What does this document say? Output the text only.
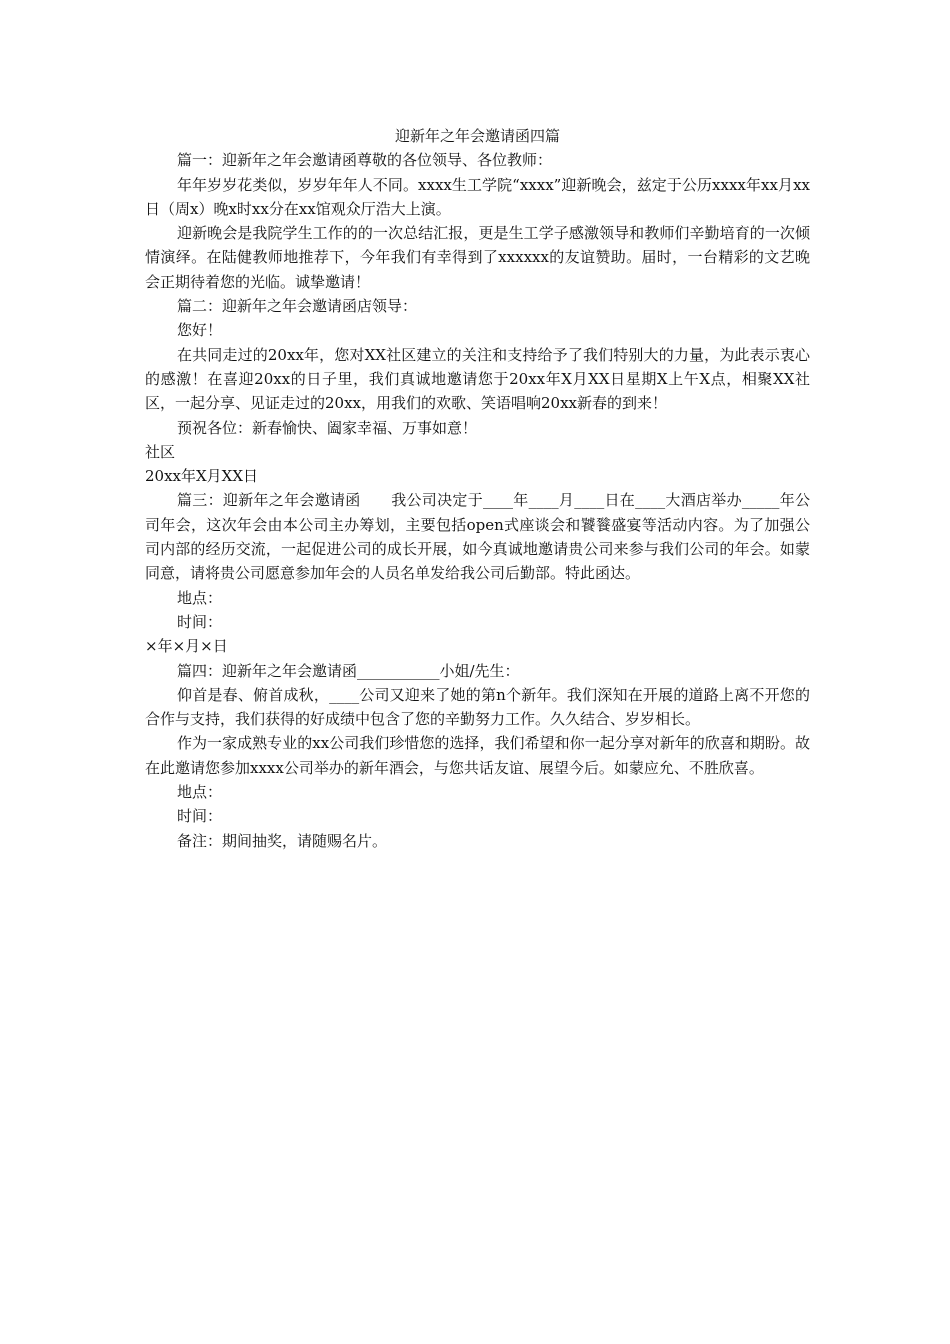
迎新年之年会邀请函四篇

篇一：迎新年之年会邀请函尊敬的各位领导、各位教师：

年年岁岁花类似，岁岁年年人不同。xxxx生工学院“xxxx”迎新晚会，兹定于公历xxxx年xx月xx日（周x）晚x时xx分在xx馆观众厅浩大上演。

迎新晚会是我院学生工作的的一次总结汇报，更是生工学子感激领导和教师们辛勤培育的一次倾情演绎。在陆健教师地推荐下，今年我们有幸得到了xxxxxx的友谊赞助。届时，一台精彩的文艺晚会正期待着您的光临。诚挚邀请！

篇二：迎新年之年会邀请函店领导：

您好！

在共同走过的20xx年，您对XX社区建立的关注和支持给予了我们特别大的力量，为此表示衷心的感激！在喜迎20xx的日子里，我们真诚地邀请您于20xx年X月XX日星期X上午X点，相聚XX社区，一起分享、见证走过的20xx，用我们的欢歌、笑语唱响20xx新春的到来！

预祝各位：新春愉快、阖家幸福、万事如意！

社区

20xx年X月XX日

篇三：迎新年之年会邀请函　　我公司决定于____年____月____日在____大酒店举办_____年公司年会，这次年会由本公司主办筹划，主要包括open式座谈会和饕餮盛宴等活动内容。为了加强公司内部的经历交流，一起促进公司的成长开展，如今真诚地邀请贵公司来参与我们公司的年会。如蒙同意，请将贵公司愿意参加年会的人员名单发给我公司后勤部。特此函达。

地点：

时间：

×年×月×日

篇四：迎新年之年会邀请函___________小姐/先生：

仰首是春、俯首成秋，____公司又迎来了她的第n个新年。我们深知在开展的道路上离不开您的合作与支持，我们获得的好成绩中包含了您的辛勤努力工作。久久结合、岁岁相长。

作为一家成熟专业的xx公司我们珍惜您的选择，我们希望和你一起分享对新年的欣喜和期盼。故在此邀请您参加xxxx公司举办的新年酒会，与您共话友谊、展望今后。如蒙应允、不胜欣喜。

地点：

时间：

备注：期间抽奖，请随赐名片。
